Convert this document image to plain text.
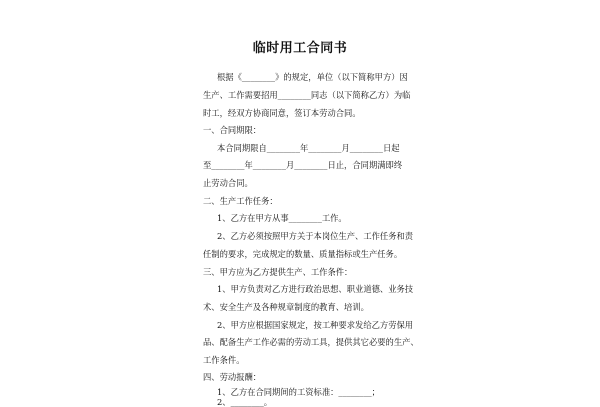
临时用工合同书
根据《________》的规定，单位（以下简称甲方）因
生产、工作需要招用________同志（以下简称乙方）为临
时工，经双方协商同意，签订本劳动合同。
一、合同期限：
本合同期限自________年________月________日起
至________年________月________日止，合同期满即终
止劳动合同。
二、生产工作任务：
1、乙方在甲方从事________工作。
2、乙方必须按照甲方关于本岗位生产、工作任务和责
任制的要求，完成规定的数量、质量指标或生产任务。
三、甲方应为乙方提供生产、工作条件：
1、甲方负责对乙方进行政治思想、职业道德、业务技
术、安全生产及各种规章制度的教育、培训。
2、甲方应根据国家规定，按工种要求发给乙方劳保用
品、配备生产工作必需的劳动工具，提供其它必要的生产、
工作条件。
四、劳动报酬：
1、乙方在合同期间的工资标准：________；
2、________。
